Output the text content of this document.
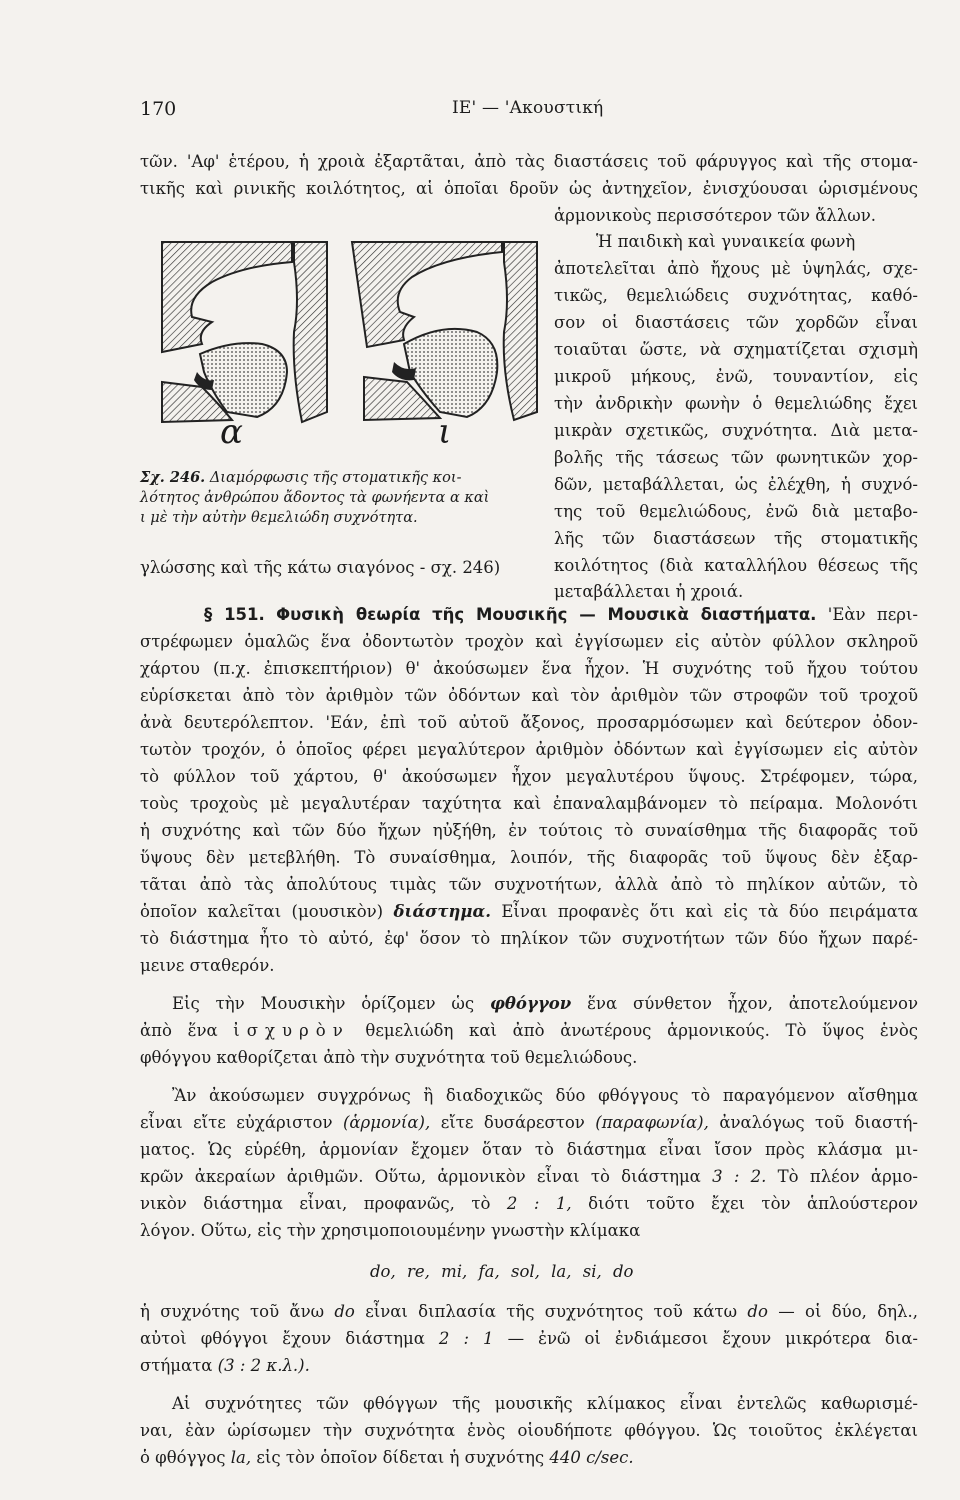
170	ΙΕ' — 'Ακουστική
τῶν. 'Αφ' ἑτέρου, ἡ χροιὰ ἐξαρτᾶται, ἀπὸ τὰς διαστάσεις τοῦ φάρυγγος καὶ τῆς στομα-
τικῆς καὶ ρινικῆς κοιλότητος, αἱ ὁποῖαι δροῦν ὡς ἀντηχεῖον, ἐνισχύουσαι ὡρισμένους
ἁρμονικοὺς περισσότερον τῶν ἄλλων.
α	ι
Ἡ παιδικὴ καὶ γυναικεία φωνὴ
ἀποτελεῖται ἀπὸ ἤχους μὲ ὑψηλάς, σχε-
τικῶς, θεμελιώδεις συχνότητας, καθό-
σον οἱ διαστάσεις τῶν χορδῶν εἶναι
τοιαῦται ὥστε, νὰ σχηματίζεται σχισμὴ
μικροῦ μήκους, ἐνῶ, τουναντίον, εἰς
τὴν ἀνδρικὴν φωνὴν ὁ θεμελιώδης ἔχει
μικρὰν σχετικῶς, συχνότητα. Διὰ μετα-
βολῆς τῆς τάσεως τῶν φωνητικῶν χορ-
δῶν, μεταβάλλεται, ὡς ἐλέχθη, ἡ συχνό-
της τοῦ θεμελιώδους, ἐνῶ διὰ μεταβο-
λῆς τῶν διαστάσεων τῆς στοματικῆς
κοιλότητος (διὰ καταλλήλου θέσεως τῆς
Σχ. 246. Διαμόρφωσις τῆς στοματικῆς κοι-
λότητος ἀνθρώπου ἄδοντος τὰ φωνήεντα α καὶ
ι μὲ τὴν αὐτὴν θεμελιώδη συχνότητα.
γλώσσης καὶ τῆς κάτω σιαγόνος - σχ. 246)
§ 151. Φυσικὴ θεωρία τῆς Μουσικῆς — Μουσικὰ διαστήματα. 'Εὰν περι-
στρέφωμεν ὁμαλῶς ἕνα ὀδοντωτὸν τροχὸν καὶ ἐγγίσωμεν εἰς αὐτὸν φύλλον σκληροῦ
χάρτου (π.χ. ἐπισκεπτήριον) θ' ἀκούσωμεν ἕνα ἦχον. Ἡ συχνότης τοῦ ἤχου τούτου
εὑρίσκεται ἀπὸ τὸν ἀριθμὸν τῶν ὀδόντων καὶ τὸν ἀριθμὸν τῶν στροφῶν τοῦ τροχοῦ
ἀνὰ δευτερόλεπτον. 'Εάν, ἐπὶ τοῦ αὐτοῦ ἄξονος, προσαρμόσωμεν καὶ δεύτερον ὀδον-
τωτὸν τροχόν, ὁ ὁποῖος φέρει μεγαλύτερον ἀριθμὸν ὀδόντων καὶ ἐγγίσωμεν εἰς αὐτὸν
τὸ φύλλον τοῦ χάρτου, θ' ἀκούσωμεν ἦχον μεγαλυτέρου ὕψους. Στρέφομεν, τώρα,
τοὺς τροχοὺς μὲ μεγαλυτέραν ταχύτητα καὶ ἐπαναλαμβάνομεν τὸ πείραμα. Μολονότι
ἡ συχνότης καὶ τῶν δύο ἤχων ηὐξήθη, ἐν τούτοις τὸ συναίσθημα τῆς διαφορᾶς τοῦ
ὕψους δὲν μετεβλήθη. Τὸ συναίσθημα, λοιπόν, τῆς διαφορᾶς τοῦ ὕψους δὲν ἐξαρ-
τᾶται ἀπὸ τὰς ἀπολύτους τιμὰς τῶν συχνοτήτων, ἀλλὰ ἀπὸ τὸ πηλίκον αὐτῶν, τὸ
ὁποῖον καλεῖται (μουσικὸν) διάστημα. Εἶναι προφανὲς ὅτι καὶ εἰς τὰ δύο πειράματα
τὸ διάστημα ἦτο τὸ αὐτό, ἐφ' ὅσον τὸ πηλίκον τῶν συχνοτήτων τῶν δύο ἤχων παρέ-
μεινε σταθερόν.
Εἰς τὴν Μουσικὴν ὁρίζομεν ὡς φθόγγον ἕνα σύνθετον ἦχον, ἀποτελούμενον
ἀπὸ ἕνα ἰσχυρὸν θεμελιώδη καὶ ἀπὸ ἀνωτέρους ἁρμονικούς. Τὸ ὕψος ἑνὸς
φθόγγου καθορίζεται ἀπὸ τὴν συχνότητα τοῦ θεμελιώδους.
Ἂν ἀκούσωμεν συγχρόνως ἢ διαδοχικῶς δύο φθόγγους τὸ παραγόμενον αἴσθημα
εἶναι εἴτε εὐχάριστον (ἁρμονία), εἴτε δυσάρεστον (παραφωνία), ἀναλόγως τοῦ διαστή-
ματος. Ὡς εὑρέθη, ἁρμονίαν ἔχομεν ὅταν τὸ διάστημα εἶναι ἴσον πρὸς κλάσμα μι-
κρῶν ἀκεραίων ἀριθμῶν. Οὕτω, ἁρμονικὸν εἶναι τὸ διάστημα 3 : 2. Τὸ πλέον ἁρμο-
νικὸν διάστημα εἶναι, προφανῶς, τὸ 2 : 1, διότι τοῦτο ἔχει τὸν ἁπλούστερον
λόγον. Οὕτω, εἰς τὴν χρησιμοποιουμένην γνωστὴν κλίμακα
do, re, mi, fa, sol, la, si, do
ἡ συχνότης τοῦ ἄνω do εἶναι διπλασία τῆς συχνότητος τοῦ κάτω do — οἱ δύο, δηλ.,
αὐτοὶ φθόγγοι ἔχουν διάστημα 2 : 1 — ἐνῶ οἱ ἐνδιάμεσοι ἔχουν μικρότερα δια-
στήματα (3 : 2 κ.λ.).
Αἱ συχνότητες τῶν φθόγγων τῆς μουσικῆς κλίμακος εἶναι ἐντελῶς καθωρισμέ-
ναι, ἐὰν ὡρίσωμεν τὴν συχνότητα ἑνὸς οἱουδήποτε φθόγγου. Ὡς τοιοῦτος ἐκλέγεται
ὁ φθόγγος la, εἰς τὸν ὁποῖον δίδεται ἡ συχνότης 440 c/sec.
μεταβάλλεται ἡ χροιά.
